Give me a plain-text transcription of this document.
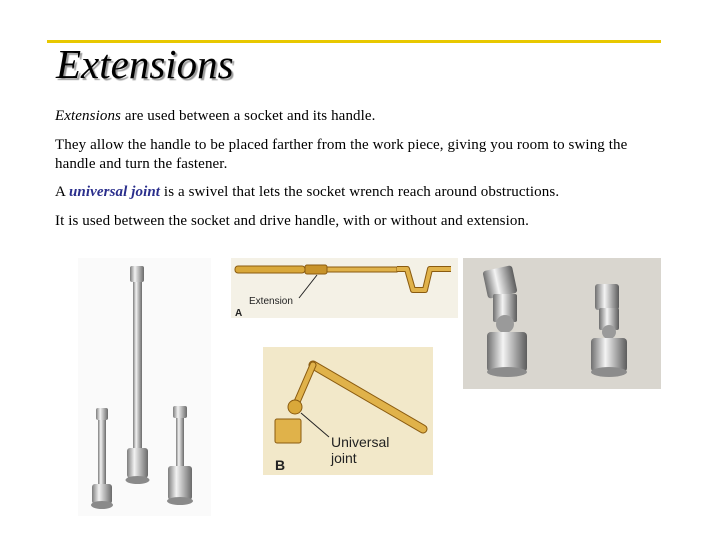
Extensions
Extensions are used between a socket and its handle.
They allow the handle to be placed farther from the work piece, giving you room to swing the handle and turn the fastener.
A universal joint is a swivel that lets the socket wrench reach around obstructions.
It is used between the socket and drive handle, with or without and extension.
Extension
A
Universal
joint
B
